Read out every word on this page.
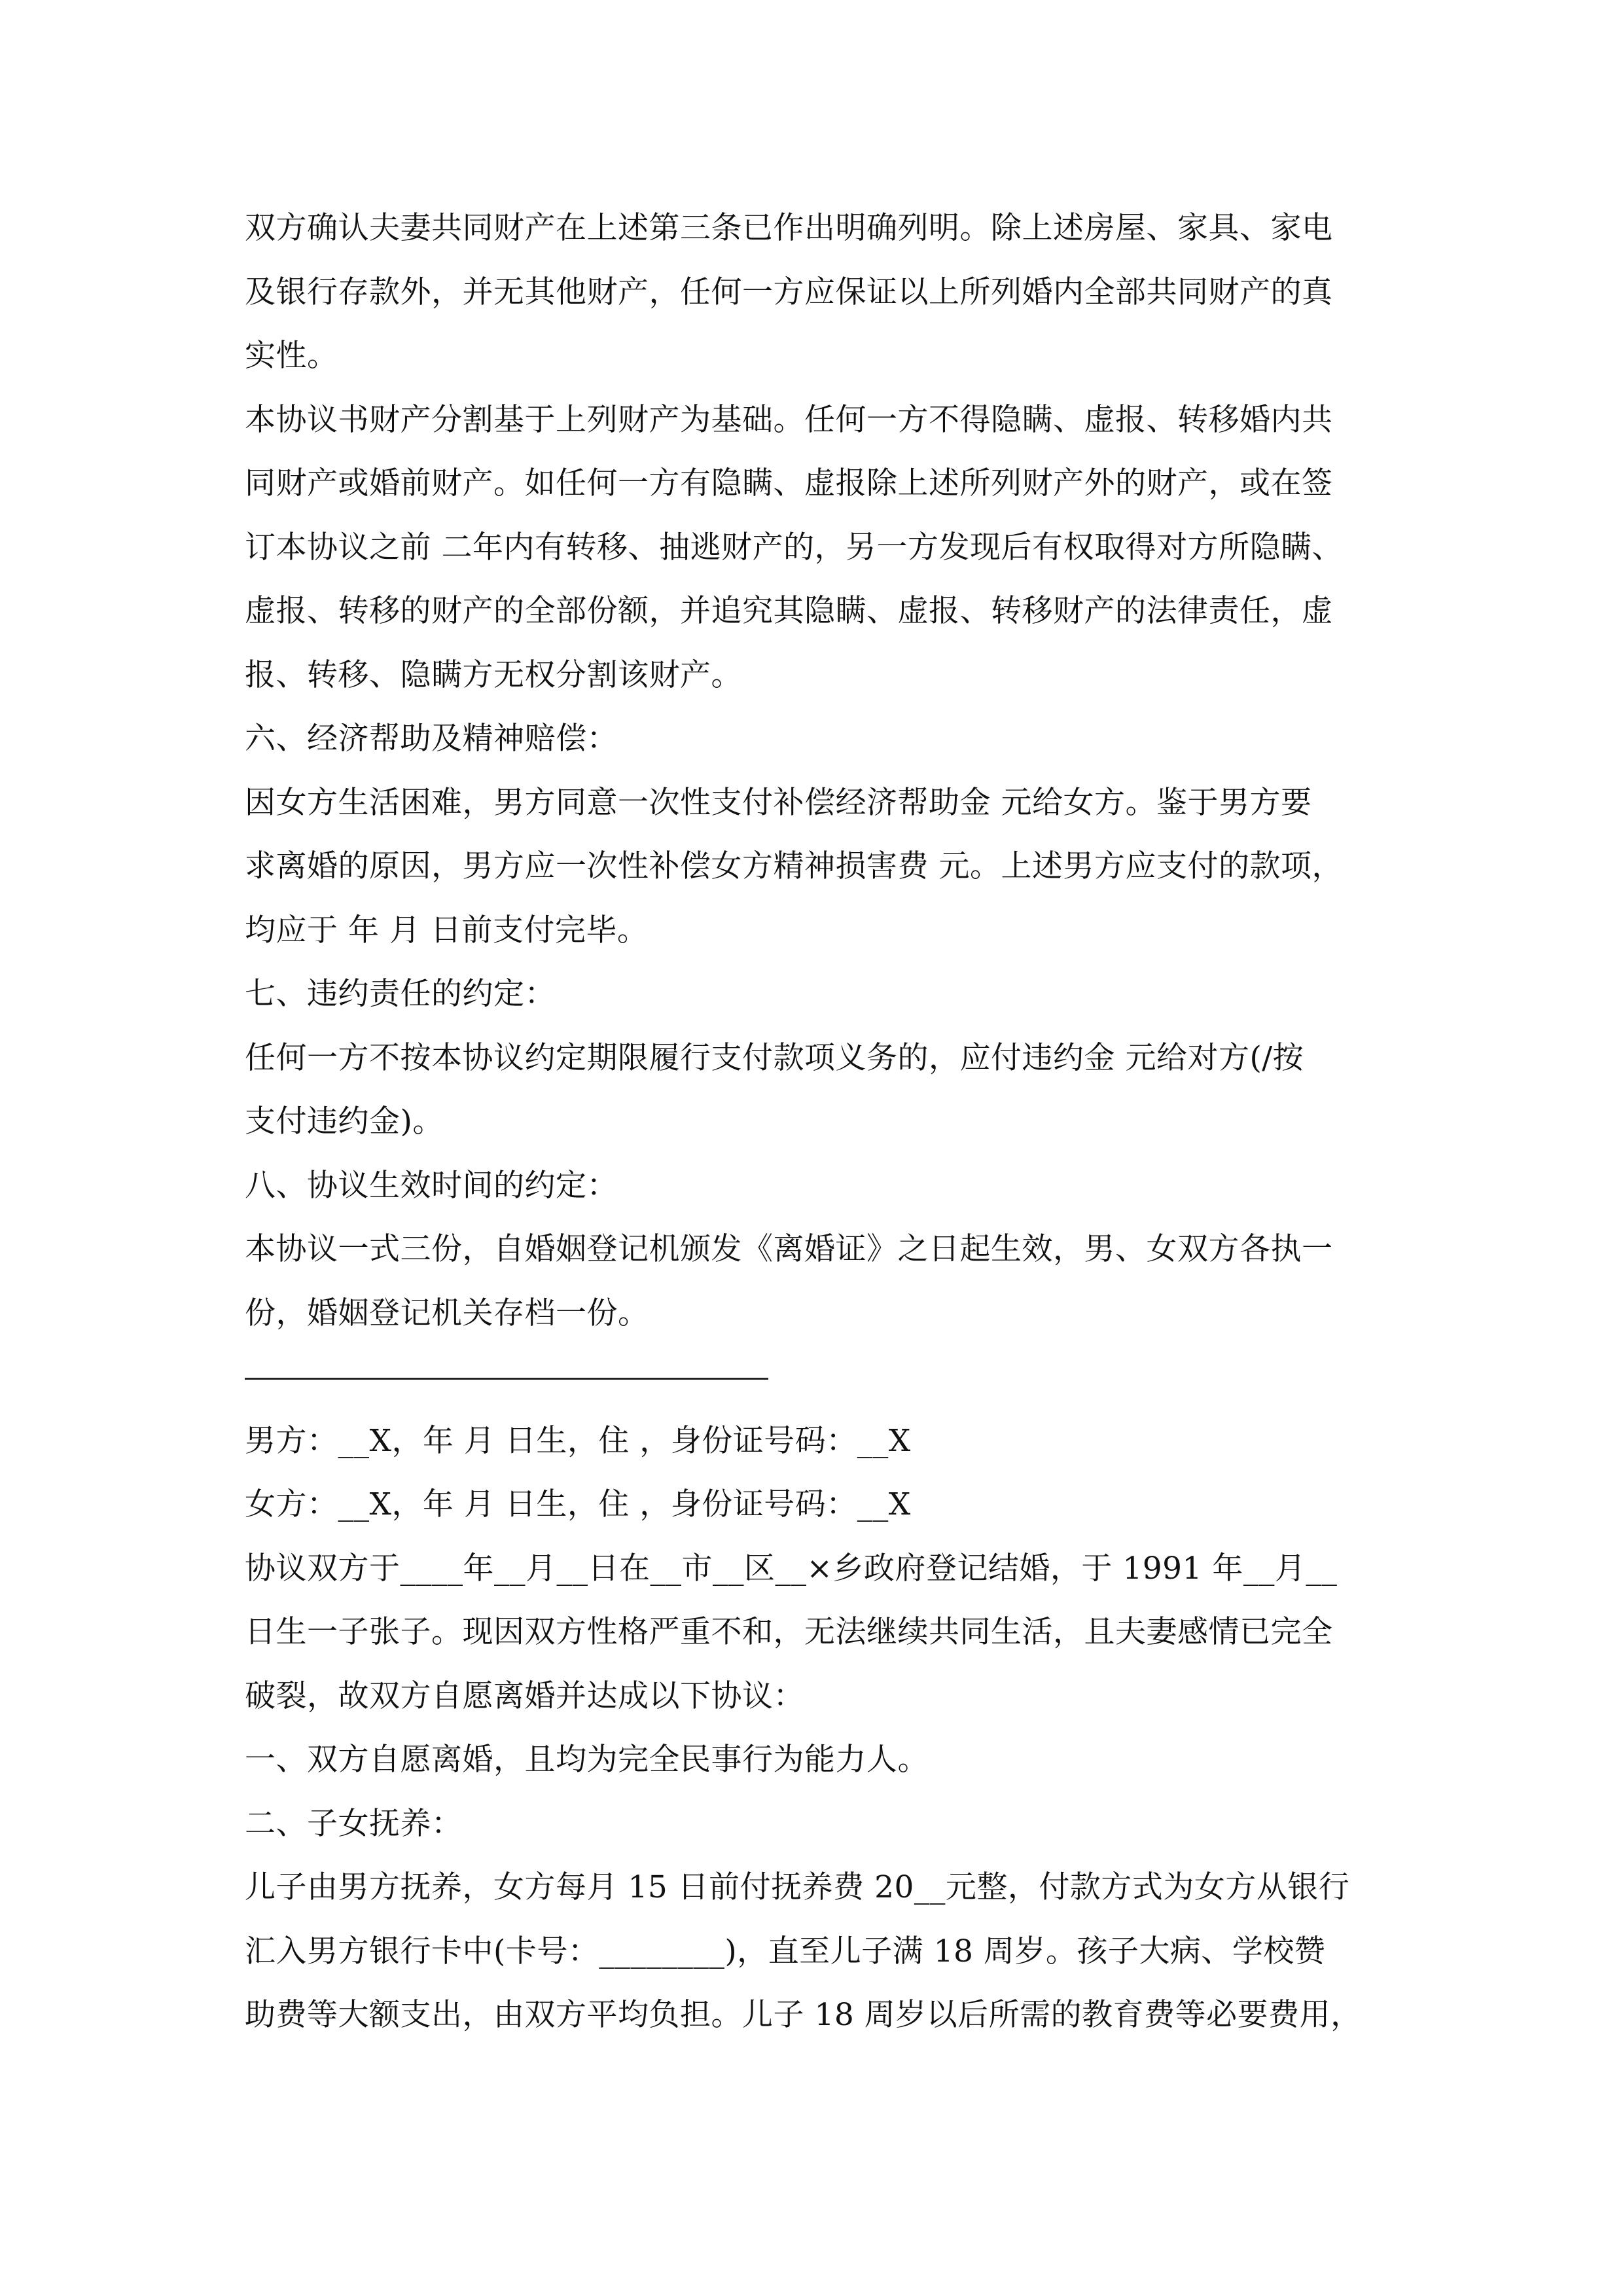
双方确认夫妻共同财产在上述第三条已作出明确列明。除上述房屋、家具、家电
及银行存款外，并无其他财产，任何一方应保证以上所列婚内全部共同财产的真
实性。
本协议书财产分割基于上列财产为基础。任何一方不得隐瞒、虚报、转移婚内共
同财产或婚前财产。如任何一方有隐瞒、虚报除上述所列财产外的财产，或在签
订本协议之前 二年内有转移、抽逃财产的，另一方发现后有权取得对方所隐瞒、
虚报、转移的财产的全部份额，并追究其隐瞒、虚报、转移财产的法律责任，虚
报、转移、隐瞒方无权分割该财产。
六、经济帮助及精神赔偿：
因女方生活困难，男方同意一次性支付补偿经济帮助金 元给女方。鉴于男方要
求离婚的原因，男方应一次性补偿女方精神损害费 元。上述男方应支付的款项，
均应于 年 月 日前支付完毕。
七、违约责任的约定：
任何一方不按本协议约定期限履行支付款项义务的，应付违约金 元给对方(/按
支付违约金)。
八、协议生效时间的约定：
本协议一式三份，自婚姻登记机颁发《离婚证》之日起生效，男、女双方各执一
份，婚姻登记机关存档一份。
男方：__X，年 月 日生，住 ，身份证号码：__X
女方：__X，年 月 日生，住 ，身份证号码：__X
协议双方于____年__月__日在__市__区__×乡政府登记结婚，于 1991 年__月__
日生一子张子。现因双方性格严重不和，无法继续共同生活，且夫妻感情已完全
破裂，故双方自愿离婚并达成以下协议：
一、双方自愿离婚，且均为完全民事行为能力人。
二、子女抚养：
儿子由男方抚养，女方每月 15 日前付抚养费 20__元整，付款方式为女方从银行
汇入男方银行卡中(卡号：________)，直至儿子满 18 周岁。孩子大病、学校赞
助费等大额支出，由双方平均负担。儿子 18 周岁以后所需的教育费等必要费用，
